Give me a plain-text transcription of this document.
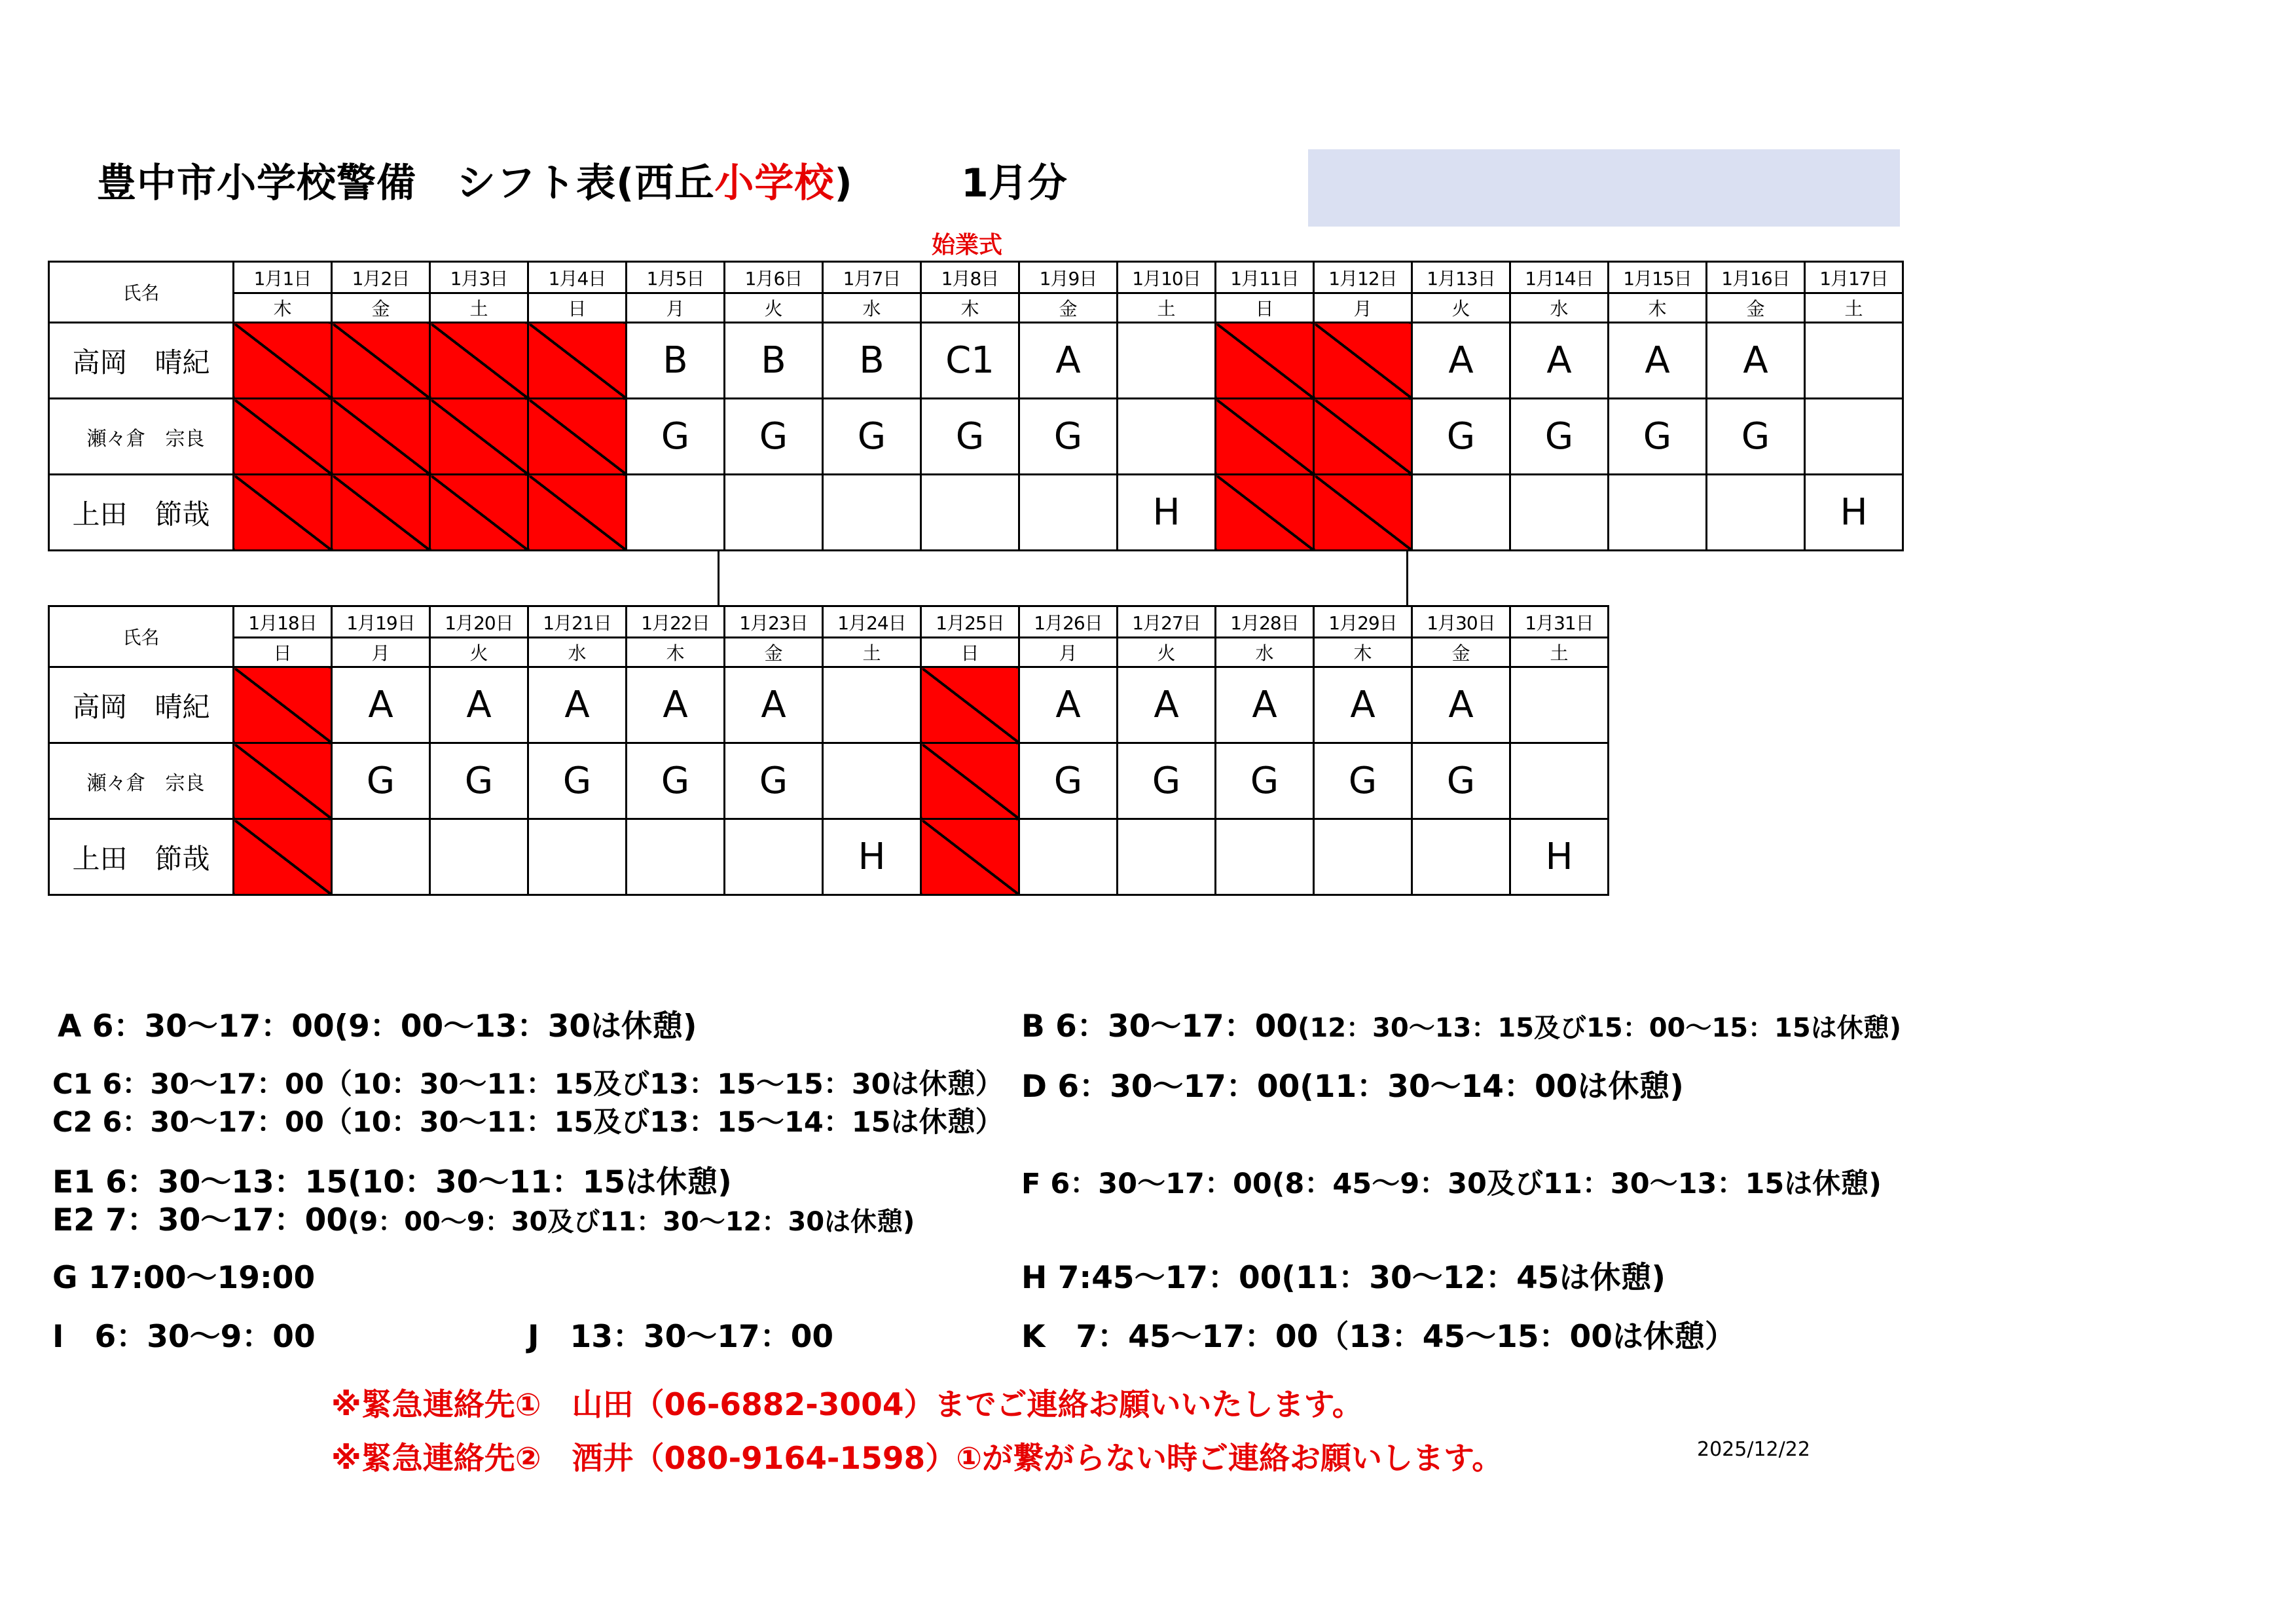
豊中市小学校警備　シフト表(西丘小学校)	1月分
始業式
氏名	1月1日	1月2日	1月3日	1月4日	1月5日	1月6日	1月7日	1月8日	1月9日	1月10日	1月11日	1月12日	1月13日	1月14日	1月15日	1月16日	1月17日
	木	金	土	日	月	火	水	木	金	土	日	月	火	水	木	金	土
高岡　晴紀					B	B	B	C1	A				A	A	A	A	
瀬々倉　宗良					G	G	G	G	G				G	G	G	G	
上田　節哉										H							H
氏名	1月18日	1月19日	1月20日	1月21日	1月22日	1月23日	1月24日	1月25日	1月26日	1月27日	1月28日	1月29日	1月30日	1月31日
	日	月	火	水	木	金	土	日	月	火	水	木	金	土
高岡　晴紀		A	A	A	A	A			A	A	A	A	A	
瀬々倉　宗良		G	G	G	G	G			G	G	G	G	G	
上田　節哉							H							H
A 6：30～17：00(9：00～13：30は休憩)	B 6：30～17：00(12：30～13：15及び15：00～15：15は休憩)
C1 6：30～17：00（10：30～11：15及び13：15～15：30は休憩）
C2 6：30～17：00（10：30～11：15及び13：15～14：15は休憩）
D 6：30～17：00(11：30～14：00は休憩)
E1 6：30～13：15(10：30～11：15は休憩)
E2 7：30～17：00(9：00～9：30及び11：30～12：30は休憩)
F 6：30～17：00(8：45～9：30及び11：30～13：15は休憩)
G 17:00～19:00	H 7:45～17：00(11：30～12：45は休憩)
I　6：30～9：00	J　13：30～17：00	K　7：45～17：00（13：45～15：00は休憩）
※緊急連絡先①　山田（06-6882-3004）までご連絡お願いいたします。
※緊急連絡先②　酒井（080-9164-1598）①が繋がらない時ご連絡お願いします。	2025/12/22
